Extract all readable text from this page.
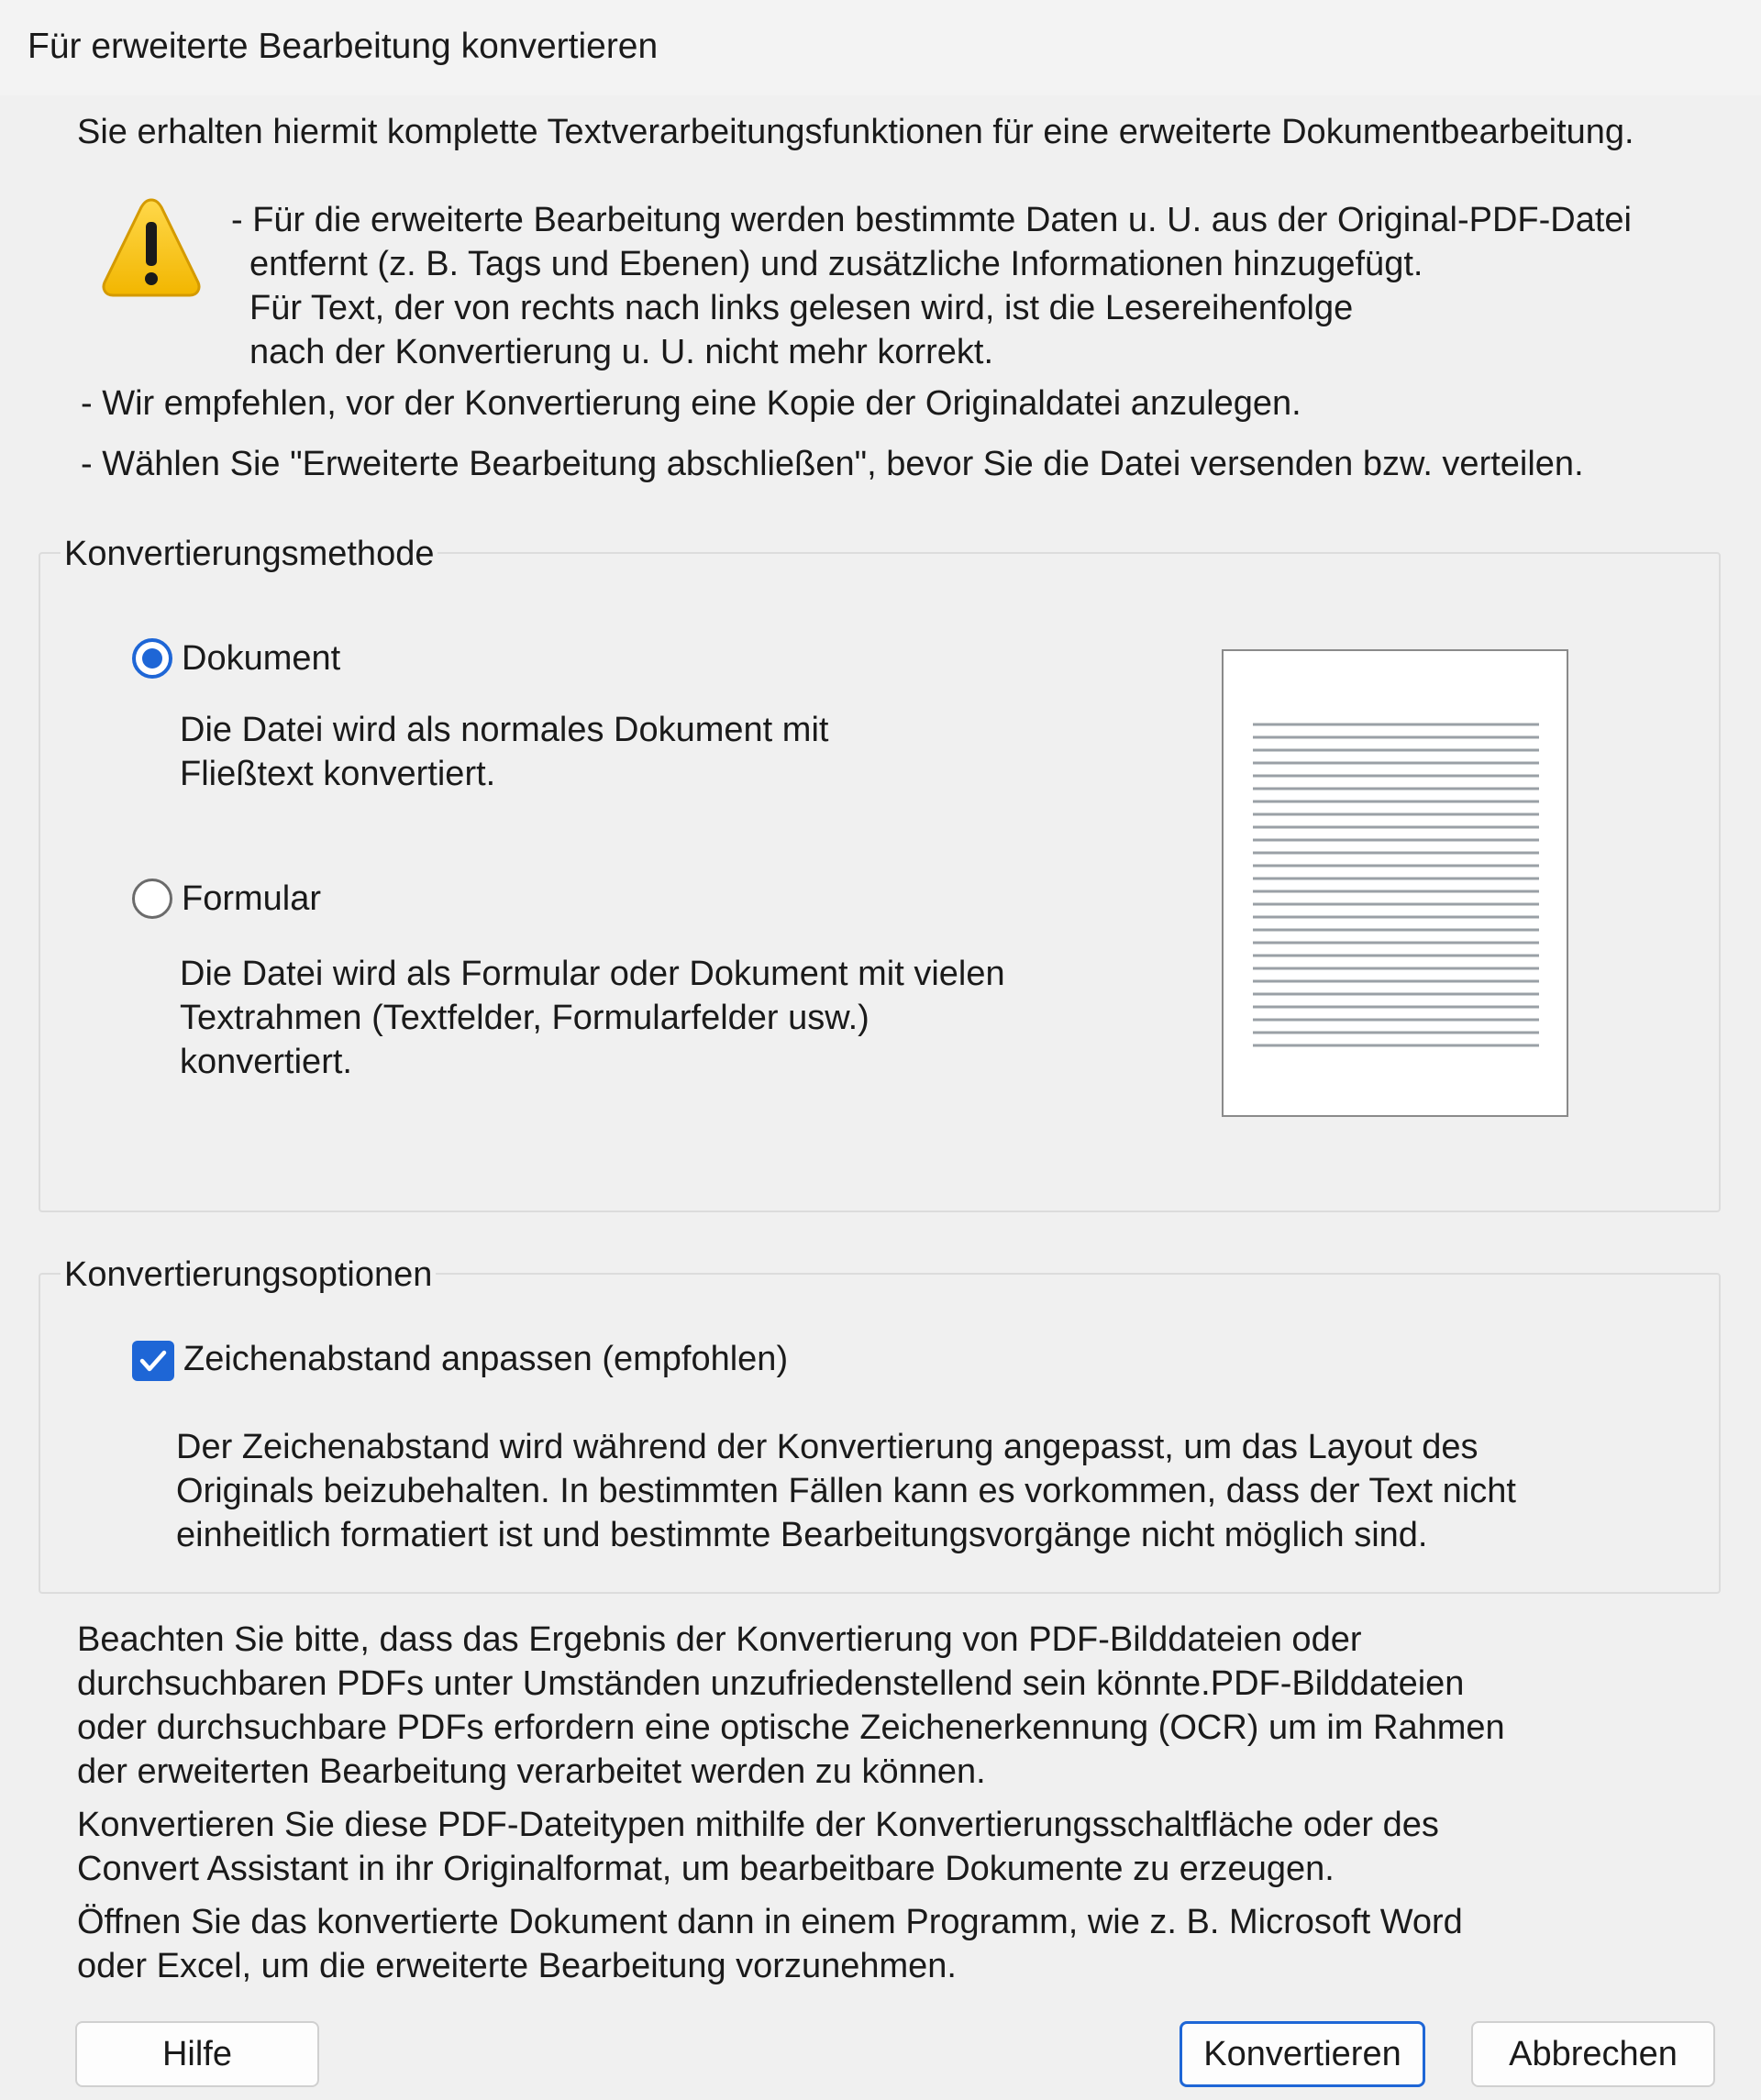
Für erweiterte Bearbeitung konvertieren
Sie erhalten hiermit komplette Textverarbeitungsfunktionen für eine erweiterte Dokumentbearbeitung.
- Für die erweiterte Bearbeitung werden bestimmte Daten u. U. aus der Original-PDF-Datei
entfernt (z. B. Tags und Ebenen) und zusätzliche Informationen hinzugefügt.
Für Text, der von rechts nach links gelesen wird, ist die Lesereihenfolge
nach der Konvertierung u. U. nicht mehr korrekt.
- Wir empfehlen, vor der Konvertierung eine Kopie der Originaldatei anzulegen.
- Wählen Sie "Erweiterte Bearbeitung abschließen", bevor Sie die Datei versenden bzw. verteilen.
Konvertierungsmethode
Dokument
Die Datei wird als normales Dokument mit
Fließtext konvertiert.
Formular
Die Datei wird als Formular oder Dokument mit vielen
Textrahmen (Textfelder, Formularfelder usw.)
konvertiert.
Konvertierungsoptionen
Zeichenabstand anpassen (empfohlen)
Der Zeichenabstand wird während der Konvertierung angepasst, um das Layout des
Originals beizubehalten. In bestimmten Fällen kann es vorkommen, dass der Text nicht
einheitlich formatiert ist und bestimmte Bearbeitungsvorgänge nicht möglich sind.
Beachten Sie bitte, dass das Ergebnis der Konvertierung von PDF-Bilddateien oder
durchsuchbaren PDFs unter Umständen unzufriedenstellend sein könnte.PDF-Bilddateien
oder durchsuchbare PDFs erfordern eine optische Zeichenerkennung (OCR) um im Rahmen
der erweiterten Bearbeitung verarbeitet werden zu können.
Konvertieren Sie diese PDF-Dateitypen mithilfe der Konvertierungsschaltfläche oder des
Convert Assistant in ihr Originalformat, um bearbeitbare Dokumente zu erzeugen.
Öffnen Sie das konvertierte Dokument dann in einem Programm, wie z. B. Microsoft Word
oder Excel, um die erweiterte Bearbeitung vorzunehmen.
Hilfe	Konvertieren	Abbrechen
